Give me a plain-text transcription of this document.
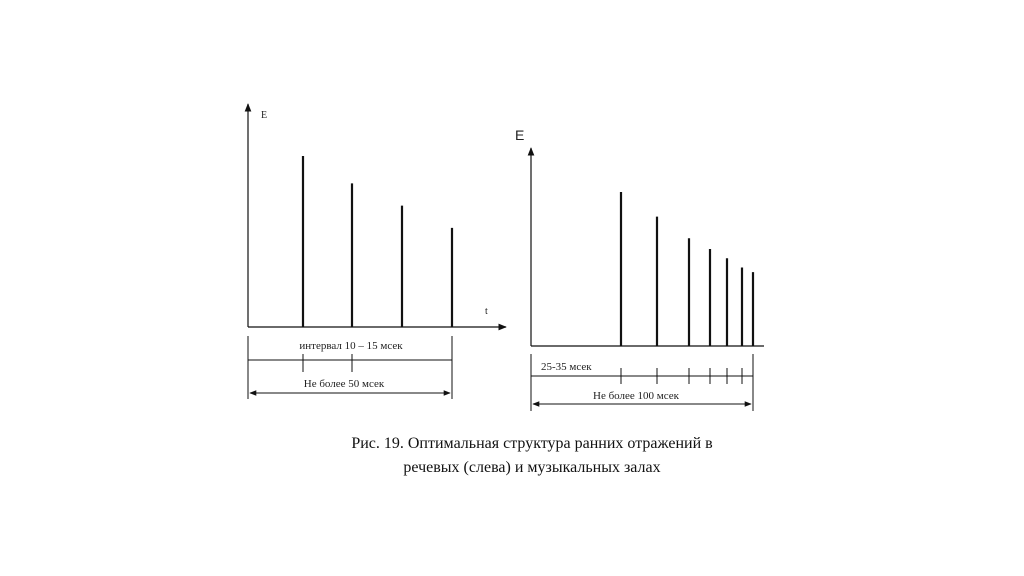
E
t
интервал 10 – 15 мсек
Не более 50 мсек
E
25-35 мсек
Не более 100 мсек
Рис. 19. Оптимальная структура ранних отражений в
речевых (слева) и музыкальных залах
